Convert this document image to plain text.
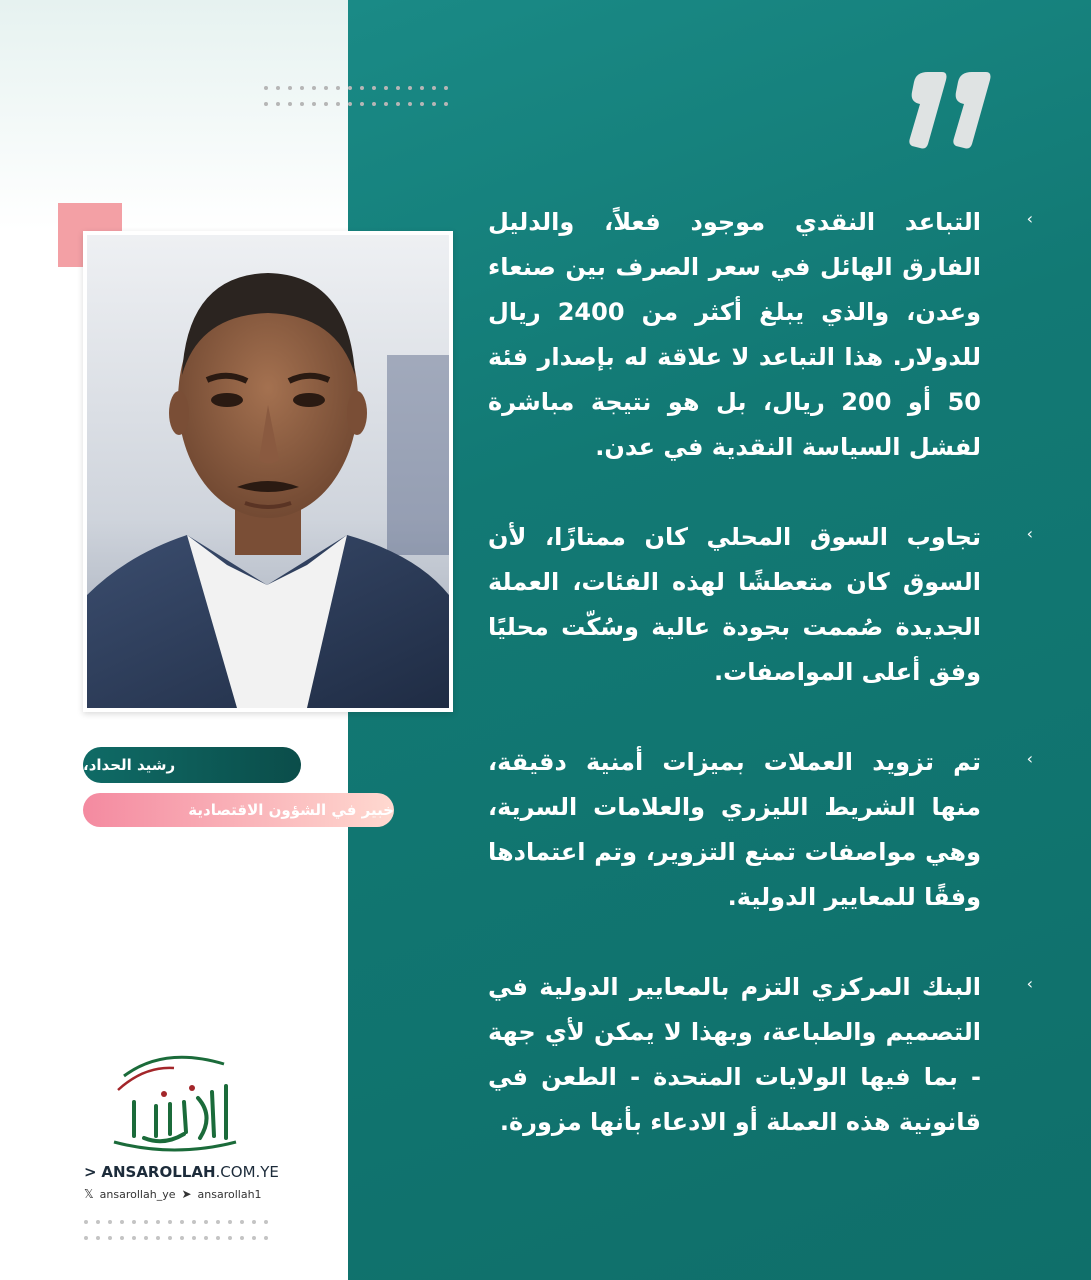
رشيد الحداد،
خبير في الشؤون الاقتصادية
›
التباعد النقدي موجود فعلاً، والدليل الفارق الهائل في سعر الصرف بين صنعاء وعدن، والذي يبلغ أكثر من 2400 ريال للدولار. هذا التباعد لا علاقة له بإصدار فئة 50 أو 200 ريال، بل هو نتيجة مباشرة لفشل السياسة النقدية في عدن.
›
تجاوب السوق المحلي كان ممتازًا، لأن السوق كان متعطشًا لهذه الفئات، العملة الجديدة صُممت بجودة عالية وسُكّت محليًا وفق أعلى المواصفات.
›
تم تزويد العملات بميزات أمنية دقيقة، منها الشريط الليزري والعلامات السرية، وهي مواصفات تمنع التزوير، وتم اعتمادها وفقًا للمعايير الدولية.
›
البنك المركزي التزم بالمعايير الدولية في التصميم والطباعة، وبهذا لا يمكن لأي جهة - بما فيها الولايات المتحدة - الطعن في قانونية هذه العملة أو الادعاء بأنها مزورة.
> ANSAROLLAH.COM.YE
𝕏 ansarollah_ye ➤ ansarollah1
